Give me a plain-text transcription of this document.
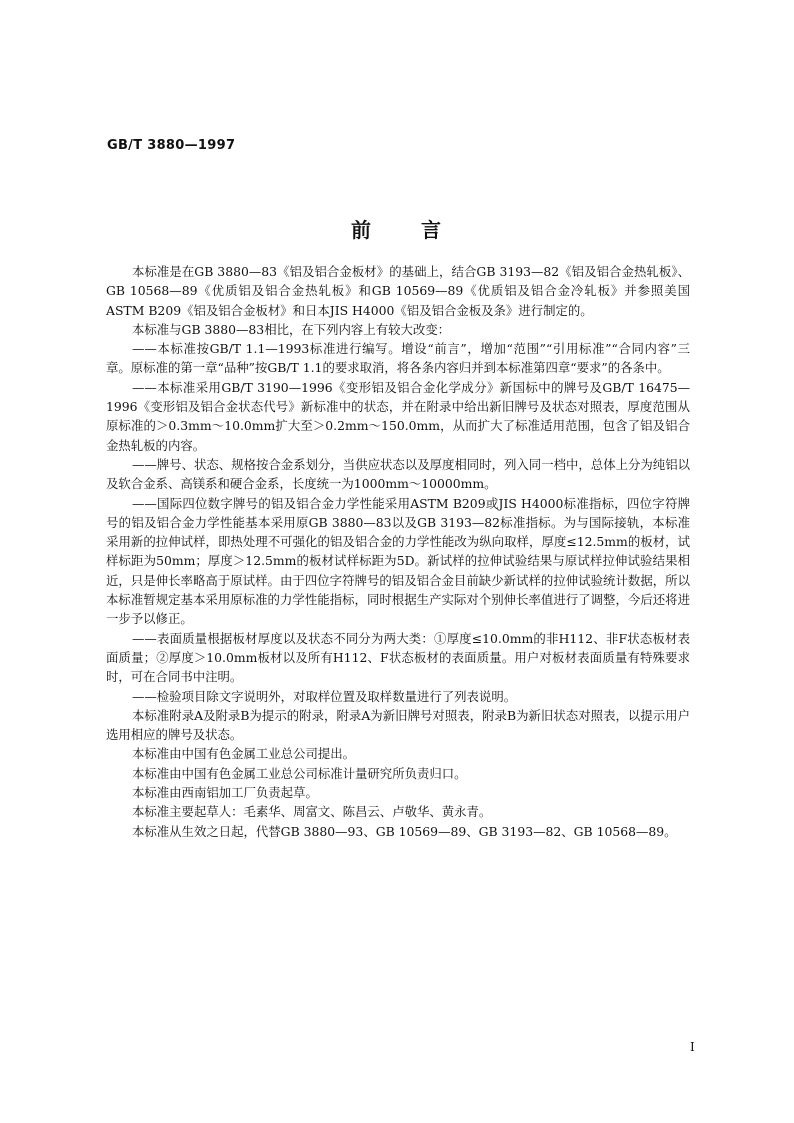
GB/T 3880—1997
前 言

本标准是在GB 3880—83《铝及铝合金板材》的基础上，结合GB 3193—82《铝及铝合金热轧板》、GB 10568—89《优质铝及铝合金热轧板》和GB 10569—89《优质铝及铝合金冷轧板》并参照美国ASTM B209《铝及铝合金板材》和日本JIS H4000《铝及铝合金板及条》进行制定的。

本标准与GB 3880—83相比，在下列内容上有较大改变：

——本标准按GB/T 1.1—1993标准进行编写。增设“前言”，增加“范围”“引用标准”“合同内容”三章。原标准的第一章“品种”按GB/T 1.1的要求取消，将各条内容归并到本标准第四章“要求”的各条中。

——本标准采用GB/T 3190—1996《变形铝及铝合金化学成分》新国标中的牌号及GB/T 16475—1996《变形铝及铝合金状态代号》新标准中的状态，并在附录中给出新旧牌号及状态对照表，厚度范围从原标准的＞0.3mm～10.0mm扩大至＞0.2mm～150.0mm，从而扩大了标准适用范围，包含了铝及铝合金热轧板的内容。

——牌号、状态、规格按合金系划分，当供应状态以及厚度相同时，列入同一档中，总体上分为纯铝以及软合金系、高镁系和硬合金系，长度统一为1000mm～10000mm。

——国际四位数字牌号的铝及铝合金力学性能采用ASTM B209或JIS H4000标准指标，四位字符牌号的铝及铝合金力学性能基本采用原GB 3880—83以及GB 3193—82标准指标。为与国际接轨，本标准采用新的拉伸试样，即热处理不可强化的铝及铝合金的力学性能改为纵向取样，厚度≤12.5mm的板材，试样标距为50mm；厚度＞12.5mm的板材试样标距为5D。新试样的拉伸试验结果与原试样拉伸试验结果相近，只是伸长率略高于原试样。由于四位字符牌号的铝及铝合金目前缺少新试样的拉伸试验统计数据，所以本标准暂规定基本采用原标准的力学性能指标，同时根据生产实际对个别伸长率值进行了调整，今后还将进一步予以修正。

——表面质量根据板材厚度以及状态不同分为两大类：①厚度≤10.0mm的非H112、非F状态板材表面质量；②厚度＞10.0mm板材以及所有H112、F状态板材的表面质量。用户对板材表面质量有特殊要求时，可在合同书中注明。

——检验项目除文字说明外，对取样位置及取样数量进行了列表说明。

本标准附录A及附录B为提示的附录，附录A为新旧牌号对照表，附录B为新旧状态对照表，以提示用户选用相应的牌号及状态。

本标准由中国有色金属工业总公司提出。

本标准由中国有色金属工业总公司标准计量研究所负责归口。

本标准由西南铝加工厂负责起草。

本标准主要起草人：毛素华、周富文、陈昌云、卢敬华、黄永青。

本标准从生效之日起，代替GB 3880—93、GB 10569—89、GB 3193—82、GB 10568—89。

I
